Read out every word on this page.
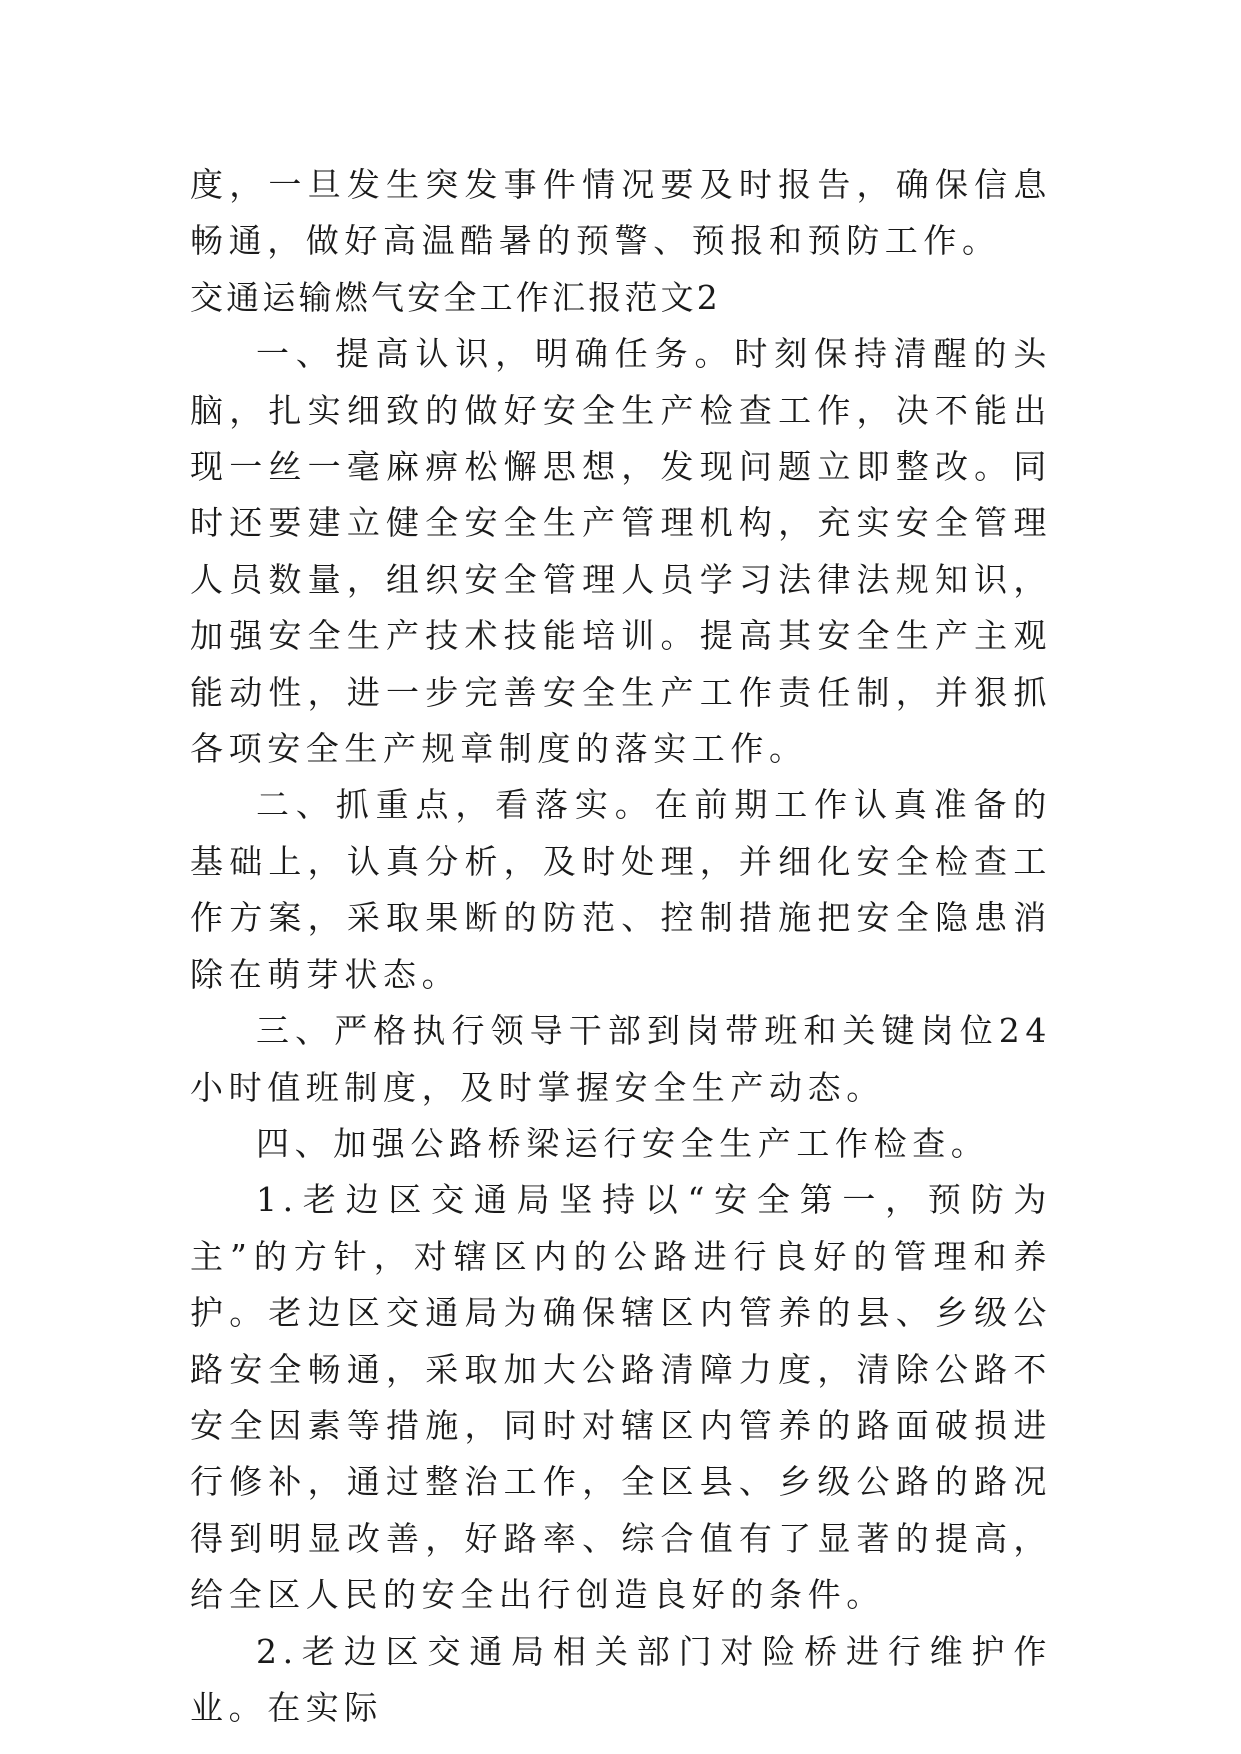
度，一旦发生突发事件情况要及时报告，确保信息畅通，做好高温酷暑的预警、预报和预防工作。

交通运输燃气安全工作汇报范文2

一、提高认识，明确任务。时刻保持清醒的头脑，扎实细致的做好安全生产检查工作，决不能出现一丝一毫麻痹松懈思想，发现问题立即整改。同时还要建立健全安全生产管理机构，充实安全管理人员数量，组织安全管理人员学习法律法规知识，加强安全生产技术技能培训。提高其安全生产主观能动性，进一步完善安全生产工作责任制，并狠抓各项安全生产规章制度的落实工作。

二、抓重点，看落实。在前期工作认真准备的基础上，认真分析，及时处理，并细化安全检查工作方案，采取果断的防范、控制措施把安全隐患消除在萌芽状态。

三、严格执行领导干部到岗带班和关键岗位24小时值班制度，及时掌握安全生产动态。

四、加强公路桥梁运行安全生产工作检查。

1.老边区交通局坚持以“安全第一，预防为主”的方针，对辖区内的公路进行良好的管理和养护。老边区交通局为确保辖区内管养的县、乡级公路安全畅通，采取加大公路清障力度，清除公路不安全因素等措施，同时对辖区内管养的路面破损进行修补，通过整治工作，全区县、乡级公路的路况得到明显改善，好路率、综合值有了显著的提高，给全区人民的安全出行创造良好的条件。

2.老边区交通局相关部门对险桥进行维护作业。在实际
